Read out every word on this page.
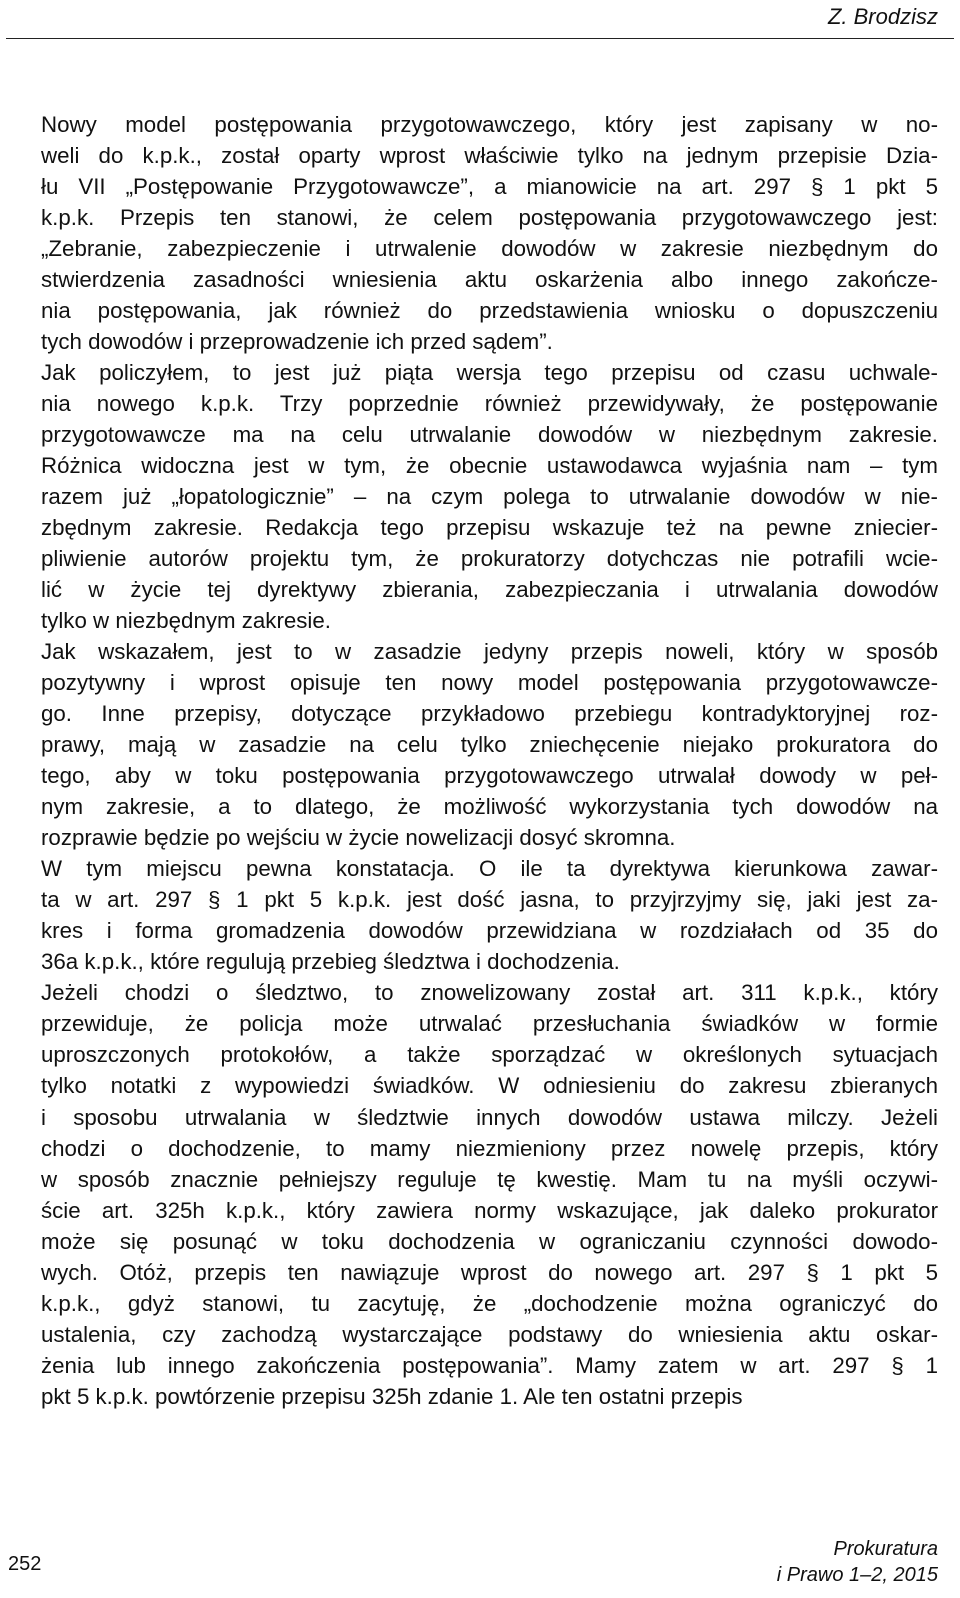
Z. Brodzisz

Nowy model postępowania przygotowawczego, który jest zapisany w no-
weli do k.p.k., został oparty wprost właściwie tylko na jednym przepisie Dzia-
łu VII „Postępowanie Przygotowawcze”, a mianowicie na art. 297 § 1 pkt 5
k.p.k. Przepis ten stanowi, że celem postępowania przygotowawczego jest:
„Zebranie, zabezpieczenie i utrwalenie dowodów w zakresie niezbędnym do
stwierdzenia zasadności wniesienia aktu oskarżenia albo innego zakończe-
nia postępowania, jak również do przedstawienia wniosku o dopuszczeniu
tych dowodów i przeprowadzenie ich przed sądem”.

Jak policzyłem, to jest już piąta wersja tego przepisu od czasu uchwale-
nia nowego k.p.k. Trzy poprzednie również przewidywały, że postępowanie
przygotowawcze ma na celu utrwalanie dowodów w niezbędnym zakresie.
Różnica widoczna jest w tym, że obecnie ustawodawca wyjaśnia nam – tym
razem już „łopatologicznie” – na czym polega to utrwalanie dowodów w nie-
zbędnym zakresie. Redakcja tego przepisu wskazuje też na pewne zniecier-
pliwienie autorów projektu tym, że prokuratorzy dotychczas nie potrafili wcie-
lić w życie tej dyrektywy zbierania, zabezpieczania i utrwalania dowodów
tylko w niezbędnym zakresie.

Jak wskazałem, jest to w zasadzie jedyny przepis noweli, który w sposób
pozytywny i wprost opisuje ten nowy model postępowania przygotowawcze-
go. Inne przepisy, dotyczące przykładowo przebiegu kontradyktoryjnej roz-
prawy, mają w zasadzie na celu tylko zniechęcenie niejako prokuratora do
tego, aby w toku postępowania przygotowawczego utrwalał dowody w peł-
nym zakresie, a to dlatego, że możliwość wykorzystania tych dowodów na
rozprawie będzie po wejściu w życie nowelizacji dosyć skromna.

W tym miejscu pewna konstatacja. O ile ta dyrektywa kierunkowa zawar-
ta w art. 297 § 1 pkt 5 k.p.k. jest dość jasna, to przyjrzyjmy się, jaki jest za-
kres i forma gromadzenia dowodów przewidziana w rozdziałach od 35 do
36a k.p.k., które regulują przebieg śledztwa i dochodzenia.

Jeżeli chodzi o śledztwo, to znowelizowany został art. 311 k.p.k., który
przewiduje, że policja może utrwalać przesłuchania świadków w formie
uproszczonych protokołów, a także sporządzać w określonych sytuacjach
tylko notatki z wypowiedzi świadków. W odniesieniu do zakresu zbieranych
i sposobu utrwalania w śledztwie innych dowodów ustawa milczy. Jeżeli
chodzi o dochodzenie, to mamy niezmieniony przez nowelę przepis, który
w sposób znacznie pełniejszy reguluje tę kwestię. Mam tu na myśli oczywi-
ście art. 325h k.p.k., który zawiera normy wskazujące, jak daleko prokurator
może się posunąć w toku dochodzenia w ograniczaniu czynności dowodo-
wych. Otóż, przepis ten nawiązuje wprost do nowego art. 297 § 1 pkt 5
k.p.k., gdyż stanowi, tu zacytuję, że „dochodzenie można ograniczyć do
ustalenia, czy zachodzą wystarczające podstawy do wniesienia aktu oskar-
żenia lub innego zakończenia postępowania”. Mamy zatem w art. 297 § 1
pkt 5 k.p.k. powtórzenie przepisu 325h zdanie 1. Ale ten ostatni przepis

252
Prokuratura
i Prawo 1–2, 2015
